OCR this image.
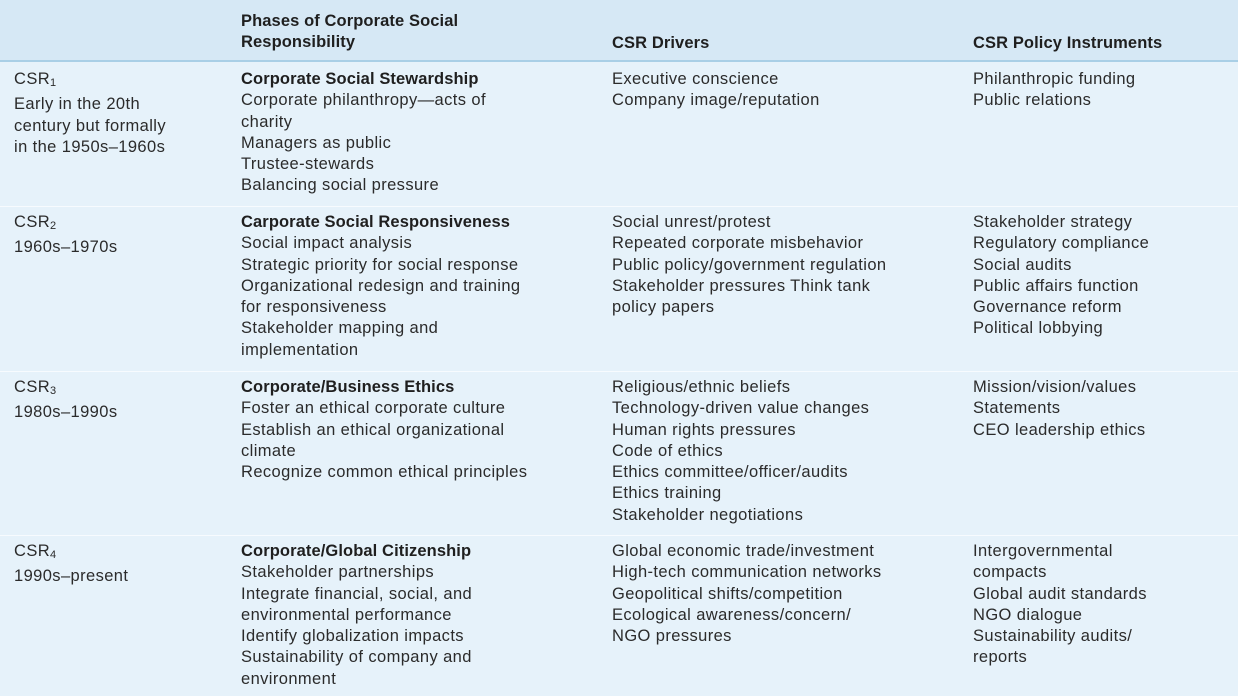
Phases of Corporate Social
Responsibility	CSR Drivers	CSR Policy Instruments
$CSR_1$
Early in the 20th
century but formally
in the 1950s–1960s
Corporate Social Stewardship
Corporate philanthropy—acts of
charity
Managers as public
Trustee-stewards
Balancing social pressure
Executive conscience
Company image/reputation
Philanthropic funding
Public relations
$CSR_2$
1960s–1970s
Carporate Social Responsiveness
Social impact analysis
Strategic priority for social response
Organizational redesign and training
for responsiveness
Stakeholder mapping and
implementation
Social unrest/protest
Repeated corporate misbehavior
Public policy/government regulation
Stakeholder pressures Think tank
policy papers
Stakeholder strategy
Regulatory compliance
Social audits
Public affairs function
Governance reform
Political lobbying
$CSR_3$
1980s–1990s
Corporate/Business Ethics
Foster an ethical corporate culture
Establish an ethical organizational
climate
Recognize common ethical principles
Religious/ethnic beliefs
Technology-driven value changes
Human rights pressures
Code of ethics
Ethics committee/officer/audits
Ethics training
Stakeholder negotiations
Mission/vision/values
Statements
CEO leadership ethics
$CSR_4$
1990s–present
Corporate/Global Citizenship
Stakeholder partnerships
Integrate financial, social, and
environmental performance
Identify globalization impacts
Sustainability of company and
environment
Global economic trade/investment
High-tech communication networks
Geopolitical shifts/competition
Ecological awareness/concern/
NGO pressures
Intergovernmental
compacts
Global audit standards
NGO dialogue
Sustainability audits/
reports
